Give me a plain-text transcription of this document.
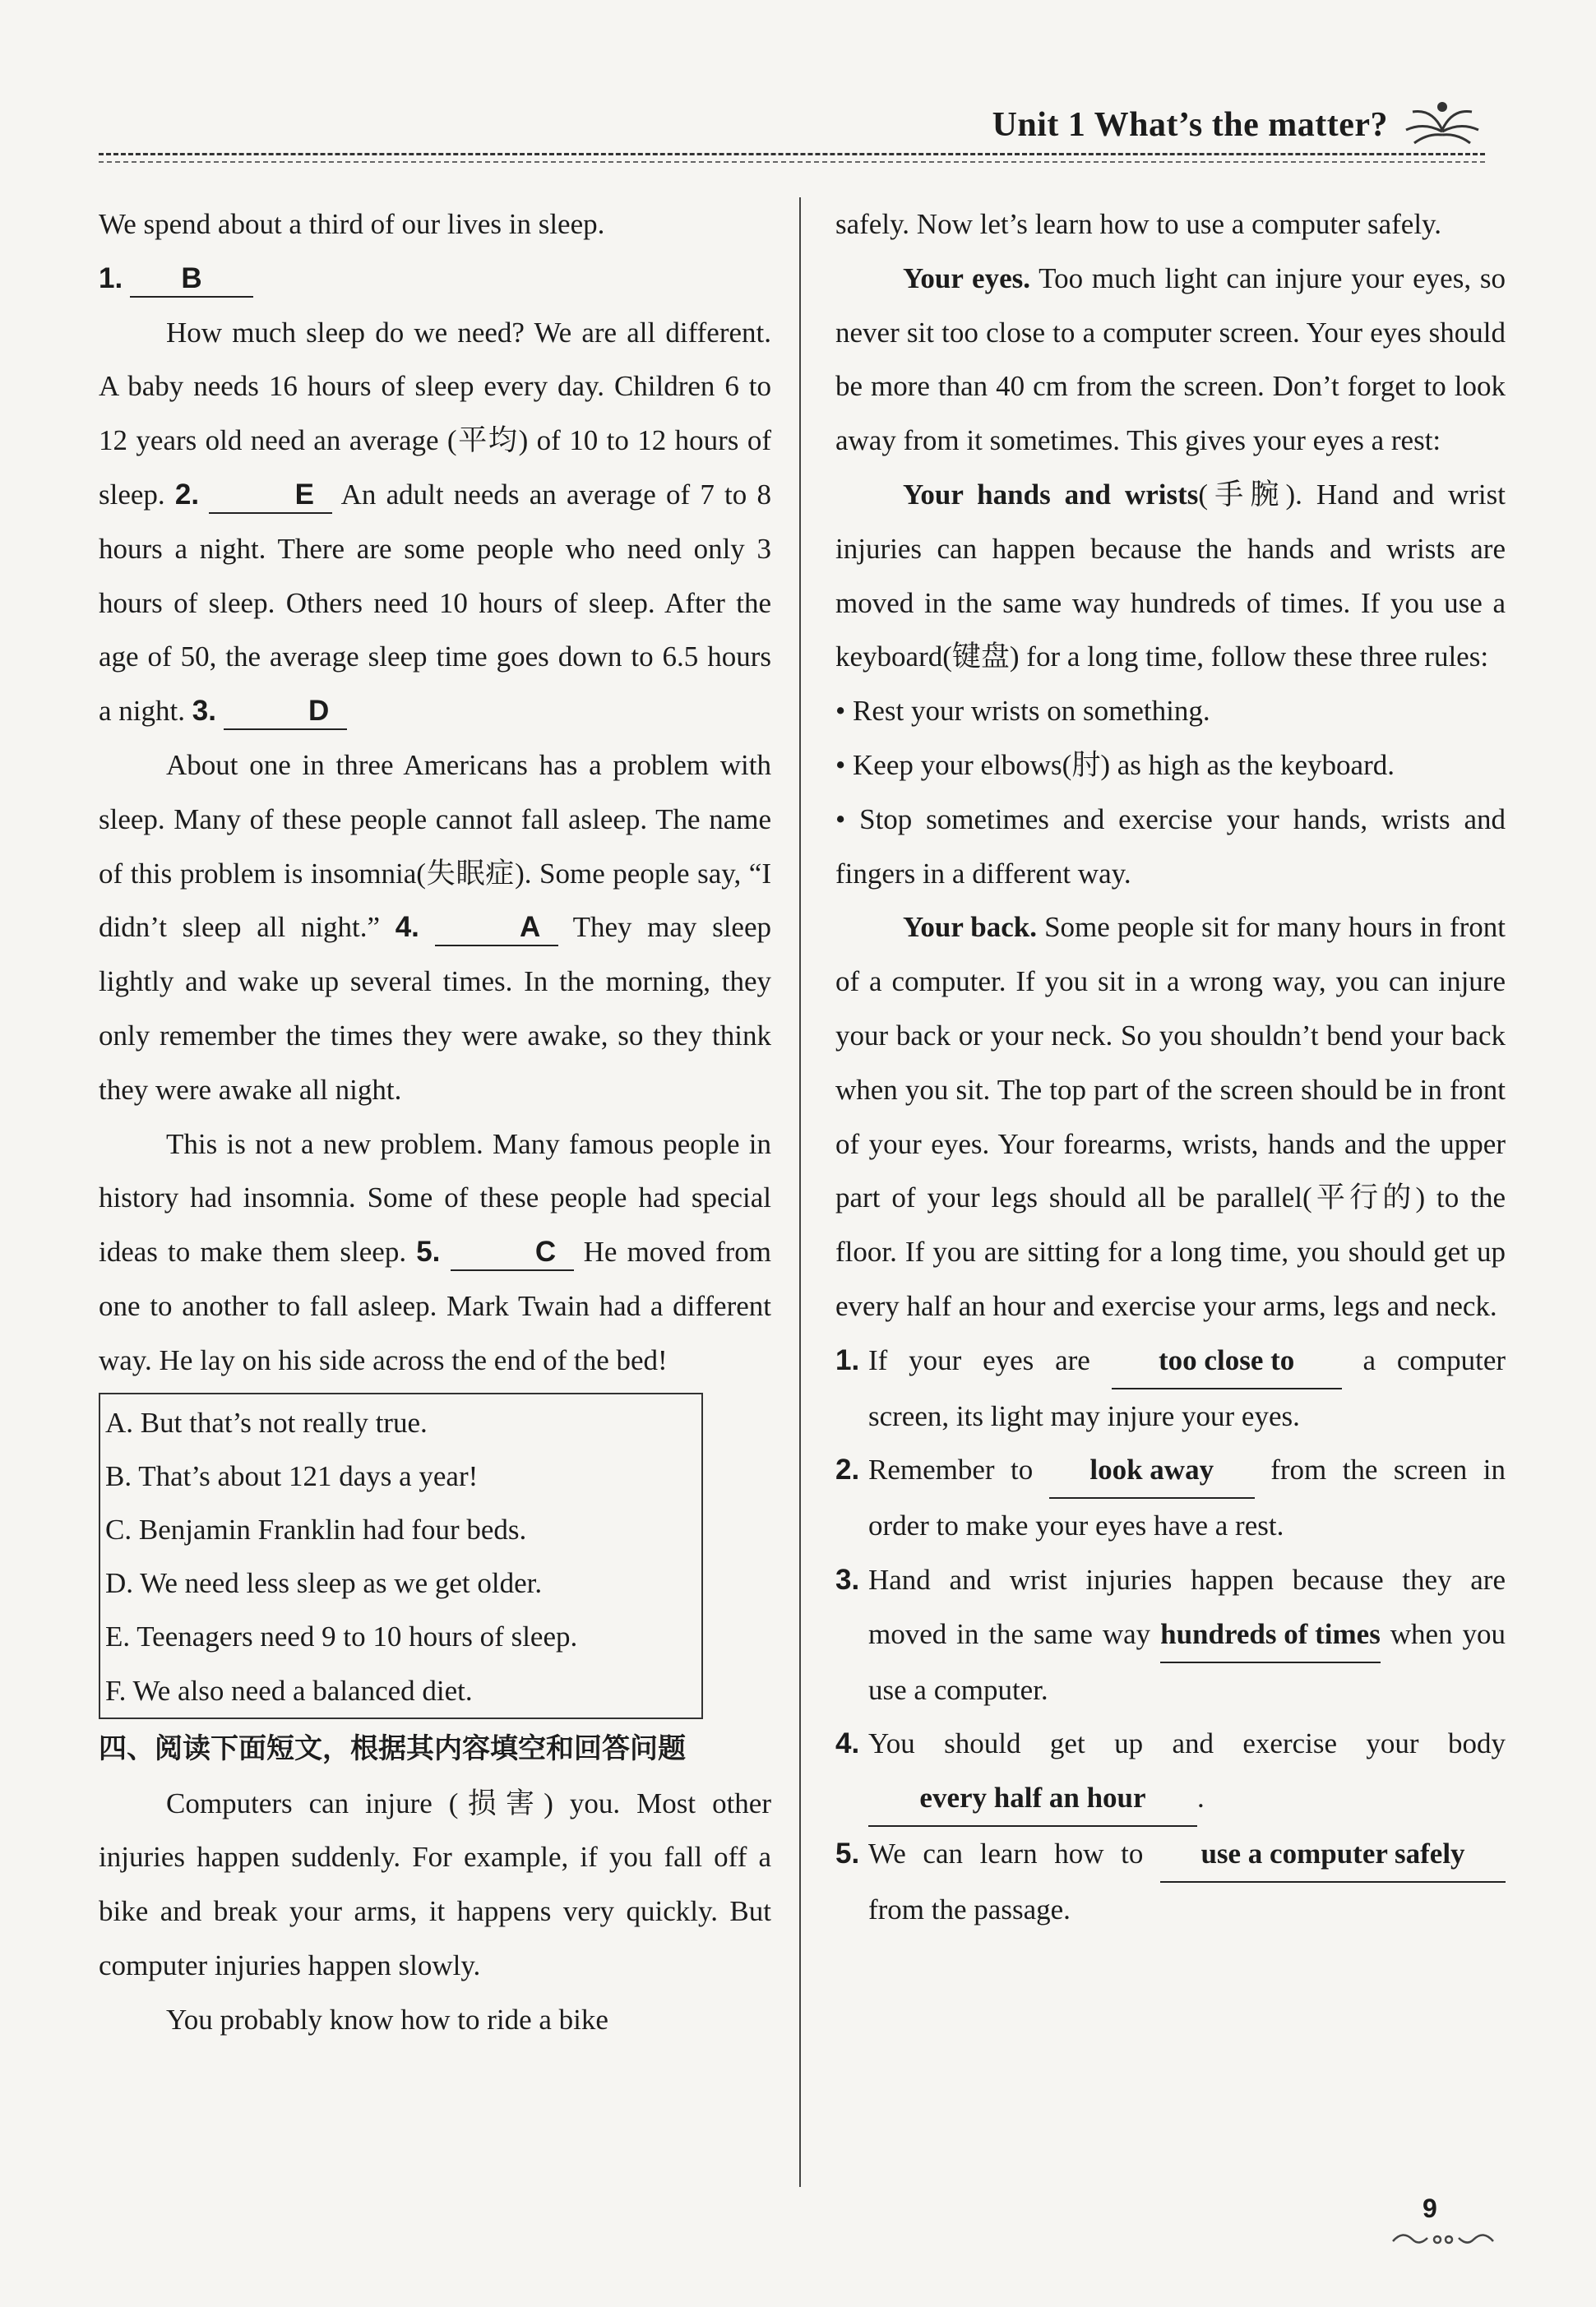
Unit 1 What’s the matter?

We spend about a third of our lives in sleep.

1. B

How much sleep do we need? We are all different. A baby needs 16 hours of sleep every day. Children 6 to 12 years old need an average (平均) of 10 to 12 hours of sleep. 2.	E An adult needs an average of 7 to 8 hours a night. There are some people who need only 3 hours of sleep. Others need 10 hours of sleep. After the age of 50, the average sleep time goes down to 6.5 hours a night. 3.	D

About one in three Americans has a problem with sleep. Many of these people cannot fall asleep. The name of this problem is insomnia(失眠症). Some people say, “I didn’t sleep all night.” 4.	A They may sleep lightly and wake up several times. In the morning, they only remember the times they were awake, so they think they were awake all night.

This is not a new problem. Many famous people in history had insomnia. Some of these people had special ideas to make them sleep. 5.	C He moved from one to another to fall asleep. Mark Twain had a different way. He lay on his side across the end of the bed!

A. But that’s not really true.
B. That’s about 121 days a year!
C. Benjamin Franklin had four beds.
D. We need less sleep as we get older.
E. Teenagers need 9 to 10 hours of sleep.
F. We also need a balanced diet.

四、阅读下面短文，根据其内容填空和回答问题

Computers can injure (损害) you. Most other injuries happen suddenly. For example, if you fall off a bike and break your arms, it happens very quickly. But computer injuries happen slowly.

You probably know how to ride a bike

safely. Now let’s learn how to use a computer safely.

Your eyes. Too much light can injure your eyes, so never sit too close to a computer screen. Your eyes should be more than 40 cm from the screen. Don’t forget to look away from it sometimes. This gives your eyes a rest:

Your hands and wrists(手腕). Hand and wrist injuries can happen because the hands and wrists are moved in the same way hundreds of times. If you use a keyboard(键盘) for a long time, follow these three rules:

• Rest your wrists on something.
• Keep your elbows(肘) as high as the keyboard.

• Stop sometimes and exercise your hands, wrists and fingers in a different way.

Your back. Some people sit for many hours in front of a computer. If you sit in a wrong way, you can injure your back or your neck. So you shouldn’t bend your back when you sit. The top part of the screen should be in front of your eyes. Your forearms, wrists, hands and the upper part of your legs should all be parallel(平行的) to the floor. If you are sitting for a long time, you should get up every half an hour and exercise your arms, legs and neck.

1. If your eyes are too close to a computer screen, its light may injure your eyes.

2. Remember to look away from the screen in order to make your eyes have a rest.

3. Hand and wrist injuries happen because they are moved in the same way hundreds of times when you use a computer.

4. You should get up and exercise your body every half an hour .

5. We can learn how to use a computer safely from the passage.

9
